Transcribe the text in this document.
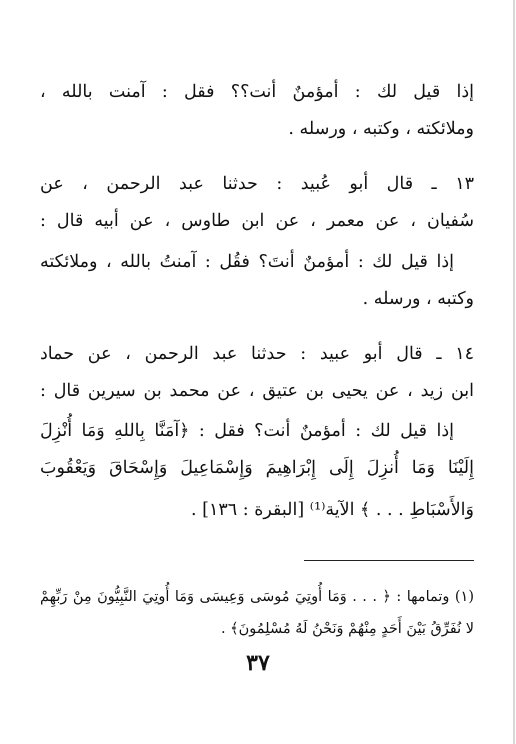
إذا قيل لك : أمؤمنٌ أنت؟؟ فقل : آمنت بالله ،
وملائكته ، وكتبه ، ورسله .
١٣ ـ قال أبو عُبيد : حدثنا عبد الرحمن ، عن
سُفيان ، عن معمر ، عن ابن طاوس ، عن أبيه قال :
إذا قيل لك : أمؤمنٌ أنتَ؟ فقُل : آمنتُ بالله ، وملائكته
وكتبه ، ورسله .
١٤ ـ قال أبو عبيد : حدثنا عبد الرحمن ، عن حماد
ابن زيد ، عن يحيى بن عتيق ، عن محمد بن سيرين قال :
إذا قيل لك : أمؤمنٌ أنت؟ فقل : ﴿آمَنَّا بِاللهِ وَمَا أُنْزِلَ
إِلَيْنَا وَمَا أُنزِلَ إِلَى إِبْرَاهِيمَ وَإِسْمَاعِيلَ وَإِسْحَاقَ وَيَعْقُوبَ
وَالأَسْبَاطِ . . . ﴾ الآية⁽¹⁾ [البقرة : ١٣٦] .
(١) وتمامها : ﴿ . . . وَمَا أُوتِيَ مُوسَى وَعِيسَى وَمَا أُوتِيَ النَّبِيُّونَ مِنْ رَبِّهِمْ
لا نُفَرِّقُ بَيْنَ أَحَدٍ مِنْهُمْ وَنَحْنُ لَهُ مُسْلِمُونَ﴾ .
٣٧
